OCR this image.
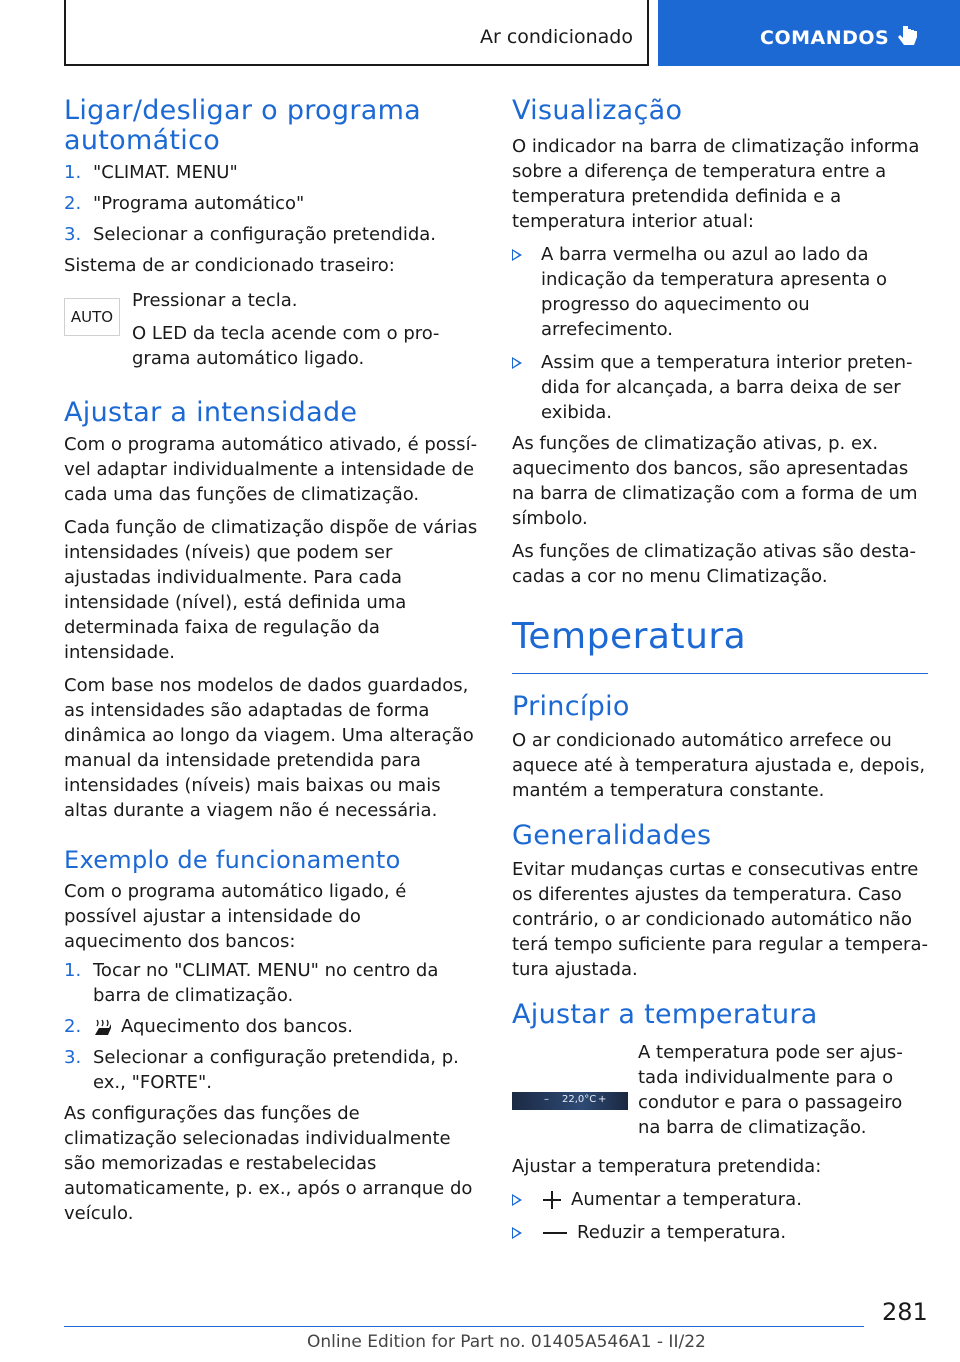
Ar condicionado	COMANDOS
Ligar/desligar o programa automático
1. "CLIMAT. MENU"
2. "Programa automático"
3. Selecionar a configuração pretendida.
Sistema de ar condicionado traseiro:
AUTO
Pressionar a tecla.
O LED da tecla acende com o programa automático ligado.
Ajustar a intensidade
Com o programa automático ativado, é possível adaptar individualmente a intensidade de cada uma das funções de climatização.
Cada função de climatização dispõe de várias intensidades (níveis) que podem ser ajustadas individualmente. Para cada intensidade (nível), está definida uma determinada faixa de regulação da intensidade.
Com base nos modelos de dados guardados, as intensidades são adaptadas de forma dinâmica ao longo da viagem. Uma alteração manual da intensidade pretendida para intensidades (níveis) mais baixas ou mais altas durante a viagem não é necessária.
Exemplo de funcionamento
Com o programa automático ligado, é possível ajustar a intensidade do aquecimento dos bancos:
1. Tocar no "CLIMAT. MENU" no centro da barra de climatização.
2. Aquecimento dos bancos.
3. Selecionar a configuração pretendida, p. ex., "FORTE".
As configurações das funções de climatização selecionadas individualmente são memorizadas e restabelecidas automaticamente, p. ex., após o arranque do veículo.
Visualização
O indicador na barra de climatização informa sobre a diferença de temperatura entre a temperatura pretendida definida e a temperatura interior atual:
A barra vermelha ou azul ao lado da indicação da temperatura apresenta o progresso do aquecimento ou arrefecimento.
Assim que a temperatura interior pretendida for alcançada, a barra deixa de ser exibida.
As funções de climatização ativas, p. ex. aquecimento dos bancos, são apresentadas na barra de climatização com a forma de um símbolo.
As funções de climatização ativas são destacadas a cor no menu Climatização.
Temperatura
Princípio
O ar condicionado automático arrefece ou aquece até à temperatura ajustada e, depois, mantém a temperatura constante.
Generalidades
Evitar mudanças curtas e consecutivas entre os diferentes ajustes da temperatura. Caso contrário, o ar condicionado automático não terá tempo suficiente para regular a temperatura ajustada.
Ajustar a temperatura
– 22,0°C +
A temperatura pode ser ajustada individualmente para o condutor e para o passageiro na barra de climatização.
Ajustar a temperatura pretendida:
Aumentar a temperatura.
Reduzir a temperatura.
281
Online Edition for Part no. 01405A546A1 - II/22
